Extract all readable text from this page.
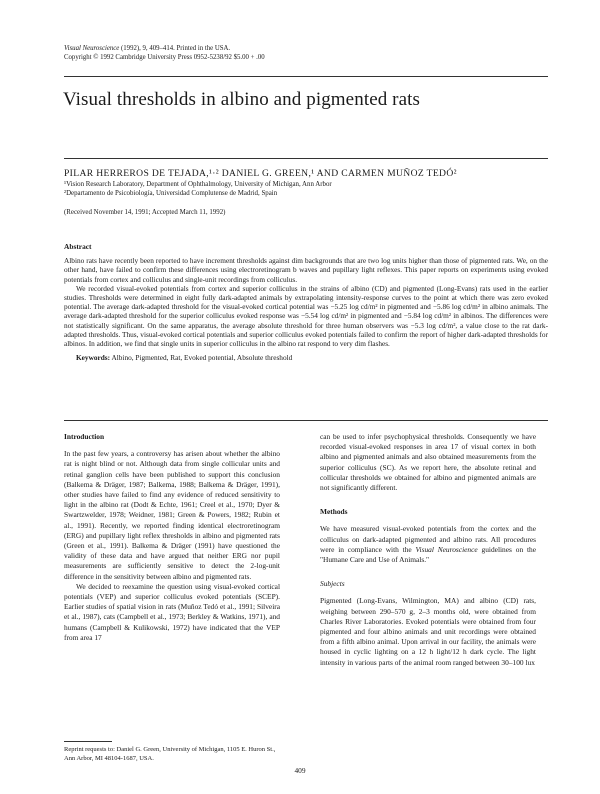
Visual Neuroscience (1992), 9, 409–414. Printed in the USA.
Copyright © 1992 Cambridge University Press 0952-5238/92 $5.00 + .00
Visual thresholds in albino and pigmented rats
PILAR HERREROS DE TEJADA,¹·² DANIEL G. GREEN,¹ AND CARMEN MUÑOZ TEDÓ²
¹Vision Research Laboratory, Department of Ophthalmology, University of Michigan, Ann Arbor
²Departamento de Psicobiología, Universidad Complutense de Madrid, Spain
(Received November 14, 1991; Accepted March 11, 1992)
Abstract

Albino rats have recently been reported to have increment thresholds against dim backgrounds that are two log units higher than those of pigmented rats. We, on the other hand, have failed to confirm these differences using electroretinogram b waves and pupillary light reflexes. This paper reports on experiments using evoked potentials from cortex and colliculus and single-unit recordings from colliculus.

We recorded visual-evoked potentials from cortex and superior colliculus in the strains of albino (CD) and pigmented (Long-Evans) rats used in the earlier studies. Thresholds were determined in eight fully dark-adapted animals by extrapolating intensity-response curves to the point at which there was zero evoked potential. The average dark-adapted threshold for the visual-evoked cortical potential was −5.25 log cd/m² in pigmented and −5.86 log cd/m² in albino animals. The average dark-adapted threshold for the superior colliculus evoked response was −5.54 log cd/m² in pigmented and −5.84 log cd/m² in albinos. The differences were not statistically significant. On the same apparatus, the average absolute threshold for three human observers was −5.3 log cd/m², a value close to the rat dark-adapted thresholds. Thus, visual-evoked cortical potentials and superior colliculus evoked potentials failed to confirm the report of higher dark-adapted thresholds for albinos. In addition, we find that single units in superior colliculus in the albino rat respond to very dim flashes.

Keywords: Albino, Pigmented, Rat, Evoked potential, Absolute threshold

Introduction

In the past few years, a controversy has arisen about whether the albino rat is night blind or not. Although data from single collicular units and retinal ganglion cells have been published to support this conclusion (Balkema & Dräger, 1987; Balkema, 1988; Balkema & Dräger, 1991), other studies have failed to find any evidence of reduced sensitivity to light in the albino rat (Dodt & Echte, 1961; Creel et al., 1970; Dyer & Swartzwelder, 1978; Weidner, 1981; Green & Powers, 1982; Rubin et al., 1991). Recently, we reported finding identical electroretinogram (ERG) and pupillary light reflex thresholds in albino and pigmented rats (Green et al., 1991). Balkema & Dräger (1991) have questioned the validity of these data and have argued that neither ERG nor pupil measurements are sufficiently sensitive to detect the 2-log-unit difference in the sensitivity between albino and pigmented rats.

We decided to reexamine the question using visual-evoked cortical potentials (VEP) and superior colliculus evoked potentials (SCEP). Earlier studies of spatial vision in rats (Muñoz Tedó et al., 1991; Silveira et al., 1987), cats (Campbell et al., 1973; Berkley & Watkins, 1971), and humans (Campbell & Kulikowski, 1972) have indicated that the VEP from area 17

can be used to infer psychophysical thresholds. Consequently we have recorded visual-evoked responses in area 17 of visual cortex in both albino and pigmented animals and also obtained measurements from the superior colliculus (SC). As we report here, the absolute retinal and collicular thresholds we obtained for albino and pigmented animals are not significantly different.

Methods

We have measured visual-evoked potentials from the cortex and the colliculus on dark-adapted pigmented and albino rats. All procedures were in compliance with the Visual Neuroscience guidelines on the "Humane Care and Use of Animals."

Subjects

Pigmented (Long-Evans, Wilmington, MA) and albino (CD) rats, weighing between 290–570 g, 2–3 months old, were obtained from Charles River Laboratories. Evoked potentials were obtained from four pigmented and four albino animals and unit recordings were obtained from a fifth albino animal. Upon arrival in our facility, the animals were housed in cyclic lighting on a 12 h light/12 h dark cycle. The light intensity in various parts of the animal room ranged between 30–100 lux

Reprint requests to: Daniel G. Green, University of Michigan, 1105 E. Huron St., Ann Arbor, MI 48104-1687, USA.
409
